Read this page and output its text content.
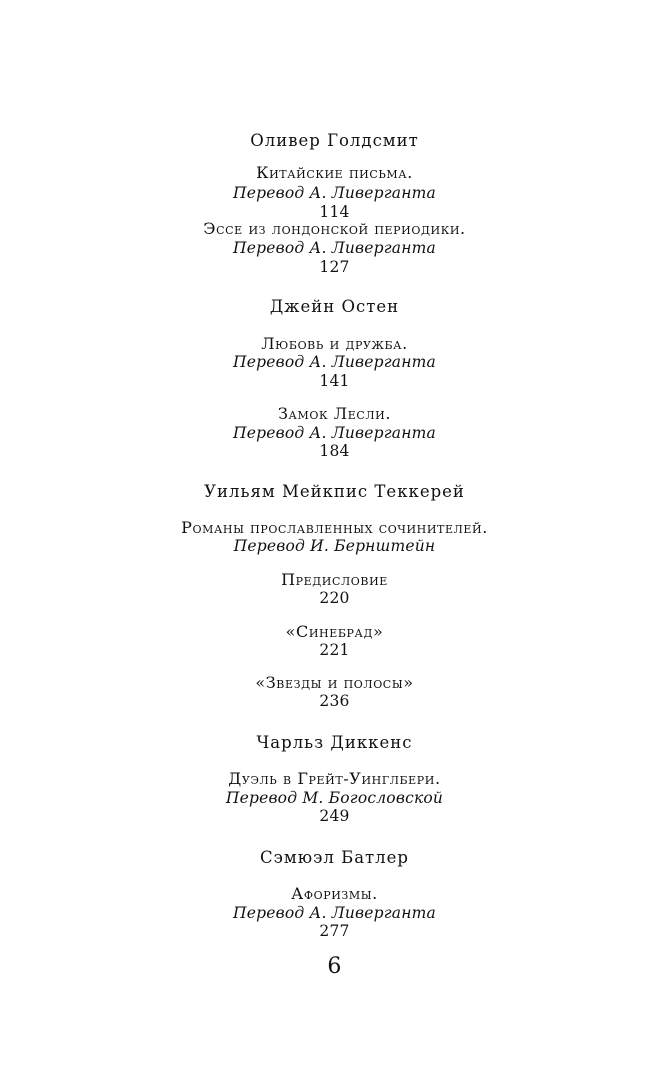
Оливер Голдсмит
Китайские письма.
Перевод А. Ливерганта
114
Эссе из лондонской периодики.
Перевод А. Ливерганта
127
Джейн Остен
Любовь и дружба.
Перевод А. Ливерганта
141
Замок Лесли.
Перевод А. Ливерганта
184
Уильям Мейкпис Теккерей
Романы прославленных сочинителей.
Перевод И. Бернштейн
Предисловие
220
«Синебрад»
221
«Звезды и полосы»
236
Чарльз Диккенс
Дуэль в Грейт-Уинглбери.
Перевод М. Богословской
249
Сэмюэл Батлер
Афоризмы.
Перевод А. Ливерганта
277
6
